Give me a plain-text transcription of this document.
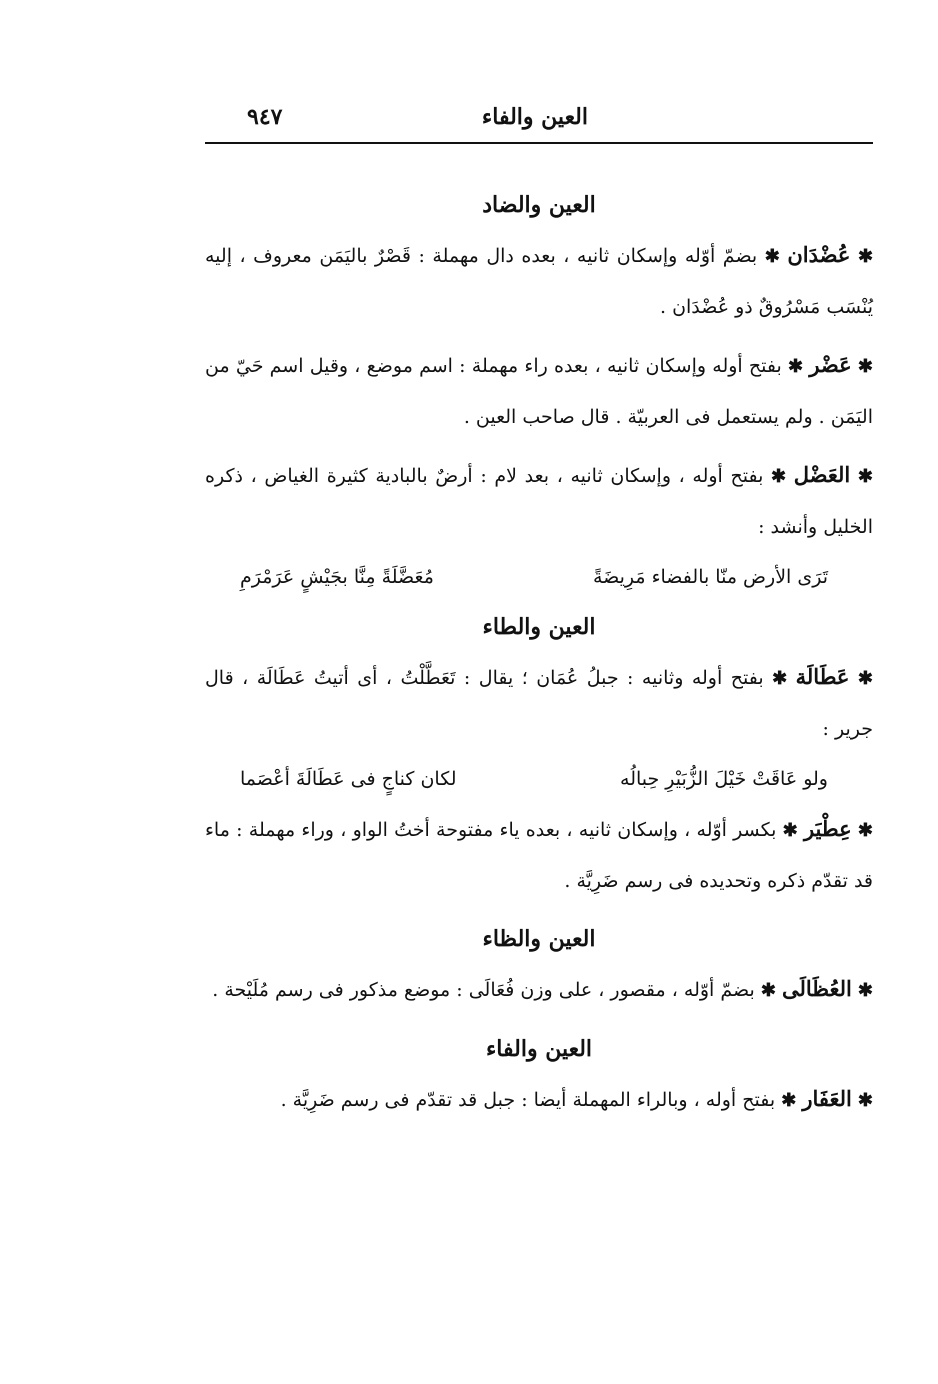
العين والفاء
٩٤٧
العين والضاد

✱ عُضْدَان ✱ بضمّ أوّله وإسكان ثانيه ، بعده دال مهملة : قَصْرٌ باليَمَن معروف ، إليه يُنْسَب مَسْرُوقٌ ذو عُضْدَان .

✱ عَضْر ✱ بفتح أوله وإسكان ثانيه ، بعده راء مهملة : اسم موضع ، وقيل اسم حَيّ من اليَمَن . ولم يستعمل فى العربيّة . قال صاحب العين .

✱ العَضْل ✱ بفتح أوله ، وإسكان ثانيه ، بعد لام : أرضٌ بالبادية كثيرة الغياض ، ذكره الخليل وأنشد :

تَرَى الأرض منّا بالفضاء مَرِيضَةً
مُعَضَّلَةً مِنَّا بجَيْشٍ عَرَمْرَمِ
العين والطاء

✱ عَطَالَة ✱ بفتح أوله وثانيه : جبلُ عُمَان ؛ يقال : تَعَطَّلْتُ ، أى أتيتُ عَطَالَة ، قال جرير :

ولو عَاقَتْ خَيْلَ الزُّبَيْرِ حِبالُه
لكان كناجٍ فى عَطَالَةَ أعْصَما

✱ عِطْيَر ✱ بكسر أوّله ، وإسكان ثانيه ، بعده ياء مفتوحة أختُ الواو ، وراء مهملة : ماء قد تقدّم ذكره وتحديده فى رسم ضَرِيَّة .

العين والظاء

✱ العُظَالَى ✱ بضمّ أوّله ، مقصور ، على وزن فُعَالَى : موضع مذكور فى رسم مُلَيْحة .

العين والفاء

✱ العَفَار ✱ بفتح أوله ، وبالراء المهملة أيضا : جبل قد تقدّم فى رسم ضَرِيَّة .
